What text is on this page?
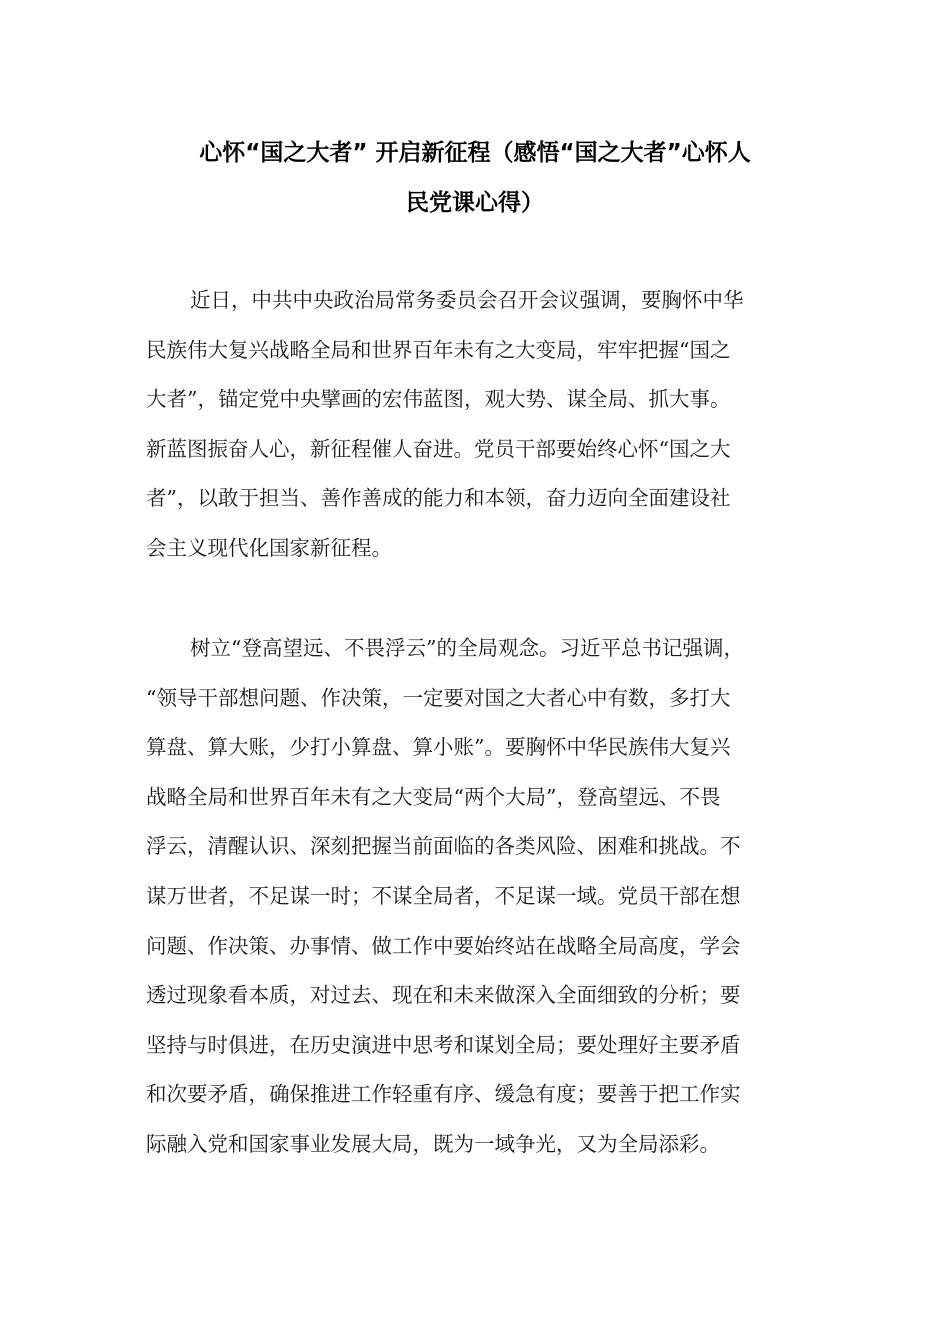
心怀“国之大者” 开启新征程（感悟“国之大者”心怀人
民党课心得）

近日，中共中央政治局常务委员会召开会议强调，要胸怀中华
民族伟大复兴战略全局和世界百年未有之大变局，牢牢把握“国之
大者”，锚定党中央擘画的宏伟蓝图，观大势、谋全局、抓大事。
新蓝图振奋人心，新征程催人奋进。党员干部要始终心怀“国之大
者”，以敢于担当、善作善成的能力和本领，奋力迈向全面建设社
会主义现代化国家新征程。

树立“登高望远、不畏浮云”的全局观念。习近平总书记强调，
“领导干部想问题、作决策，一定要对国之大者心中有数，多打大
算盘、算大账，少打小算盘、算小账”。要胸怀中华民族伟大复兴
战略全局和世界百年未有之大变局“两个大局”，登高望远、不畏
浮云，清醒认识、深刻把握当前面临的各类风险、困难和挑战。不
谋万世者，不足谋一时；不谋全局者，不足谋一域。党员干部在想
问题、作决策、办事情、做工作中要始终站在战略全局高度，学会
透过现象看本质，对过去、现在和未来做深入全面细致的分析；要
坚持与时俱进，在历史演进中思考和谋划全局；要处理好主要矛盾
和次要矛盾，确保推进工作轻重有序、缓急有度；要善于把工作实
际融入党和国家事业发展大局，既为一域争光，又为全局添彩。
